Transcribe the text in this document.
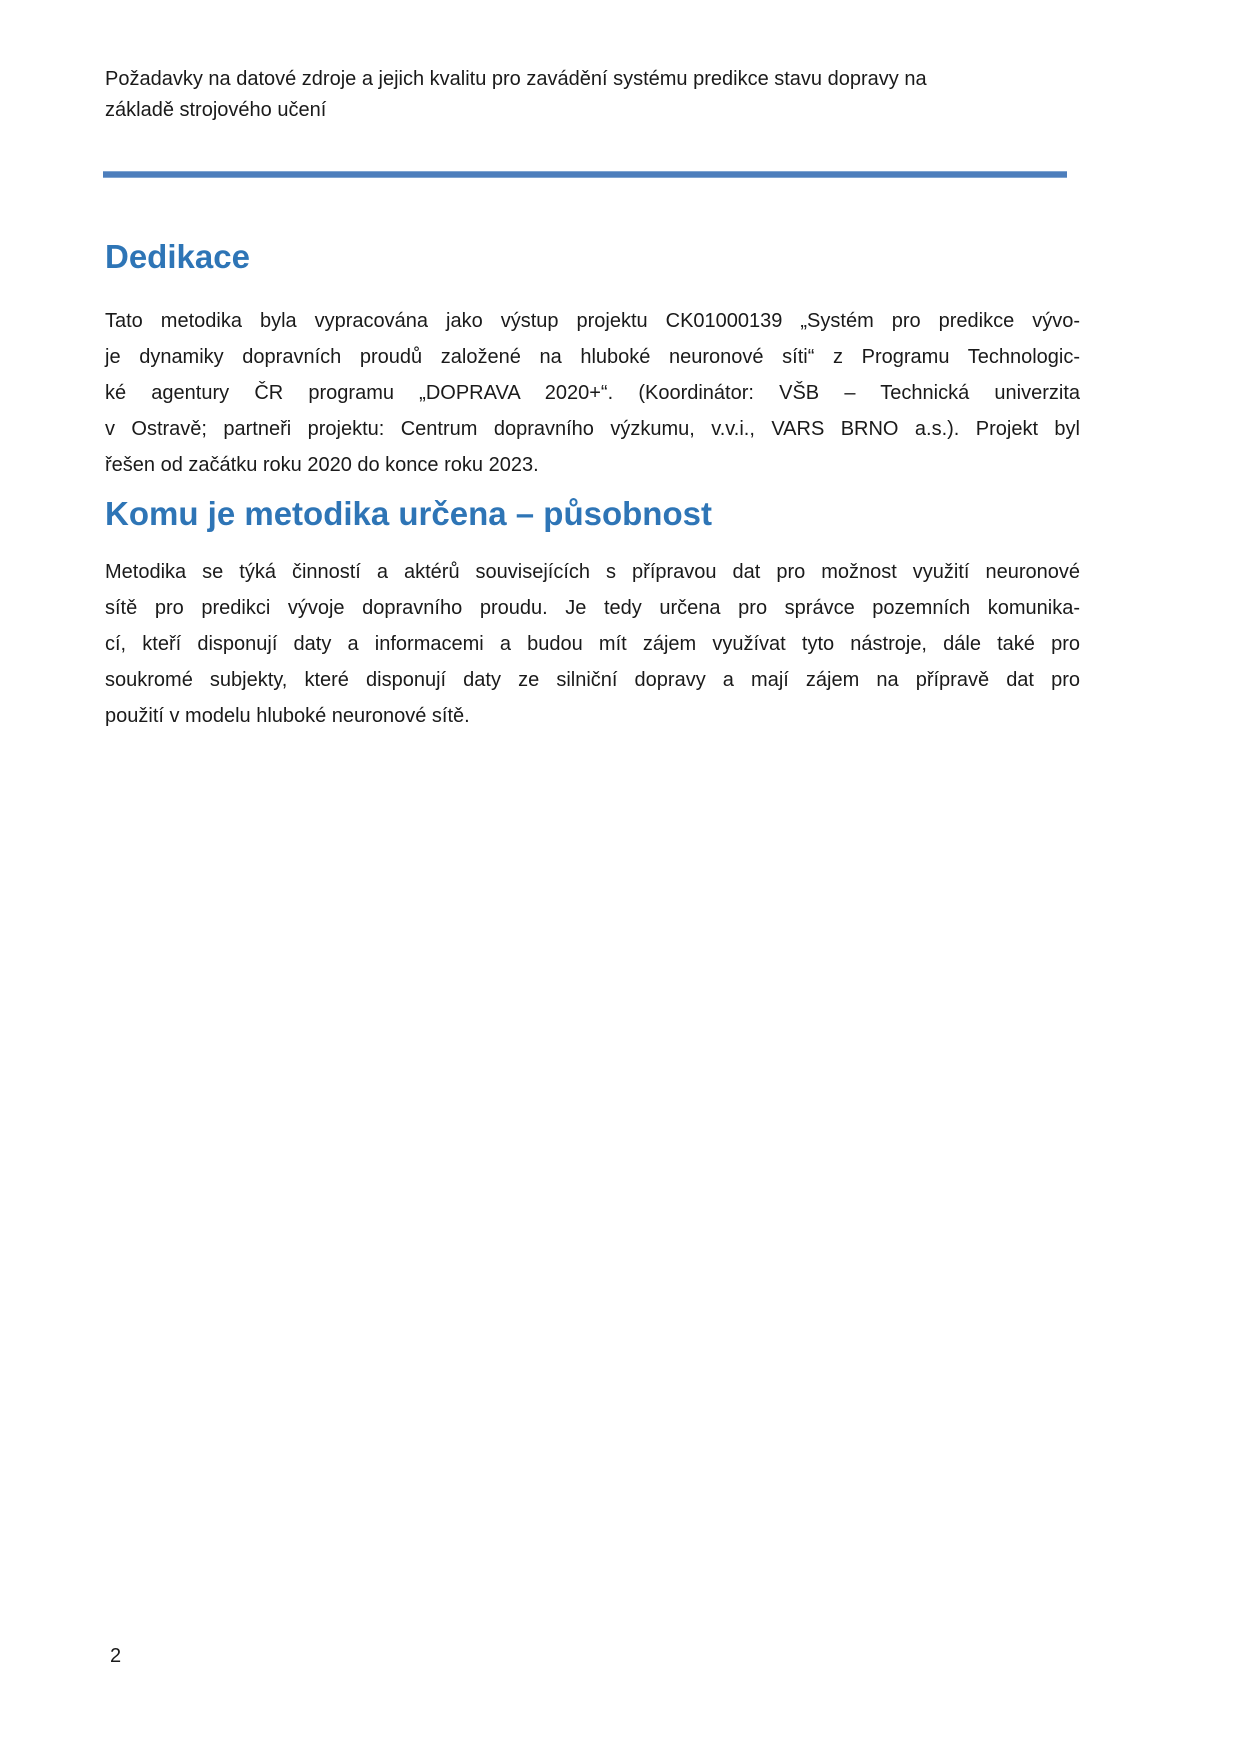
Požadavky na datové zdroje a jejich kvalitu pro zavádění systému predikce stavu dopravy na
základě strojového učení
Dedikace
Tato metodika byla vypracována jako výstup projektu CK01000139 „Systém pro predikce vývo-
je dynamiky dopravních proudů založené na hluboké neuronové síti“ z Programu Technologic-
ké agentury ČR programu „DOPRAVA 2020+“. (Koordinátor: VŠB – Technická univerzita
v Ostravě; partneři projektu: Centrum dopravního výzkumu, v.v.i., VARS BRNO a.s.). Projekt byl
řešen od začátku roku 2020 do konce roku 2023.
Komu je metodika určena – působnost
Metodika se týká činností a aktérů souvisejících s přípravou dat pro možnost využití neuronové
sítě pro predikci vývoje dopravního proudu. Je tedy určena pro správce pozemních komunika-
cí, kteří disponují daty a informacemi a budou mít zájem využívat tyto nástroje, dále také pro
soukromé subjekty, které disponují daty ze silniční dopravy a mají zájem na přípravě dat pro
použití v modelu hluboké neuronové sítě.
2
